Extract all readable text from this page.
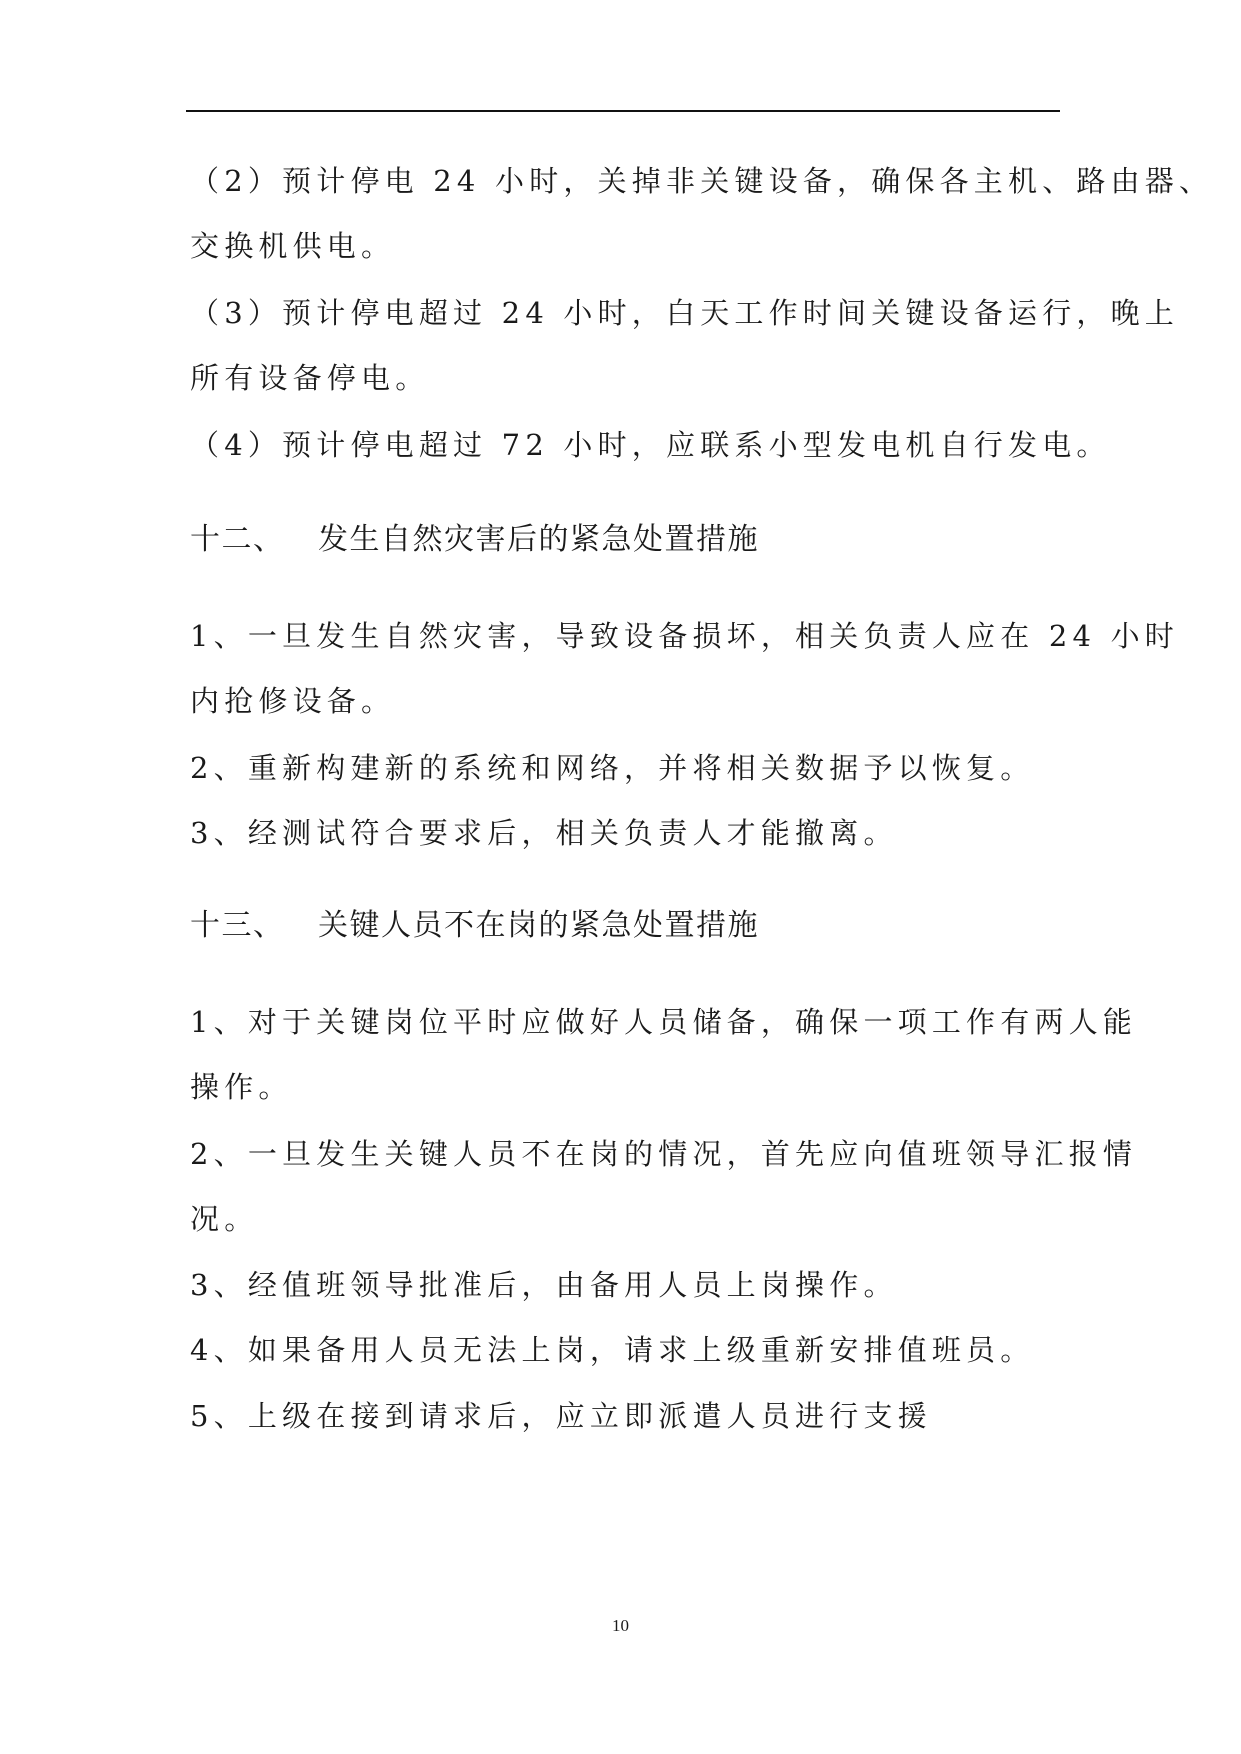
（2）预计停电 24 小时，关掉非关键设备，确保各主机、路由器、
交换机供电。

（3）预计停电超过 24 小时，白天工作时间关键设备运行，晚上
所有设备停电。

（4）预计停电超过 72 小时，应联系小型发电机自行发电。

十二、 发生自然灾害后的紧急处置措施

1、一旦发生自然灾害，导致设备损坏，相关负责人应在 24 小时
内抢修设备。

2、重新构建新的系统和网络，并将相关数据予以恢复。

3、经测试符合要求后，相关负责人才能撤离。

十三、 关键人员不在岗的紧急处置措施

1、对于关键岗位平时应做好人员储备，确保一项工作有两人能
操作。

2、一旦发生关键人员不在岗的情况，首先应向值班领导汇报情
况。

3、经值班领导批准后，由备用人员上岗操作。

4、如果备用人员无法上岗，请求上级重新安排值班员。

5、上级在接到请求后，应立即派遣人员进行支援

10
